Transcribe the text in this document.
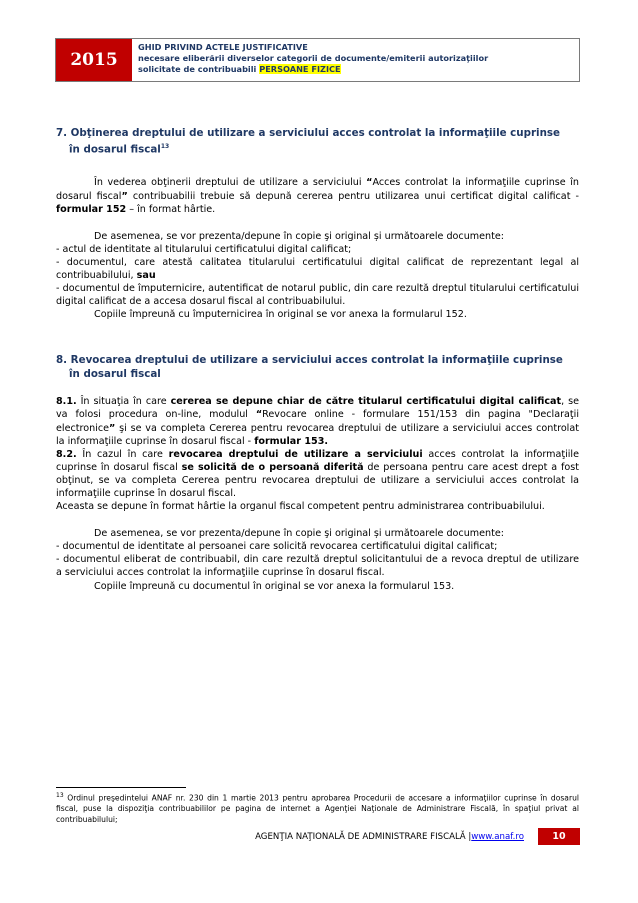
2015
GHID PRIVIND ACTELE JUSTIFICATIVE
necesare eliberării diverselor categorii de documente/emiterii autorizaţiilor
solicitate de contribuabili PERSOANE FIZICE
7. Obţinerea dreptului de utilizare a serviciului acces controlat la informaţiile cuprinse
în dosarul fiscal$^{13}$

În vederea obţinerii dreptului de utilizare a serviciului “Acces controlat la informaţiile cuprinse în dosarul fiscal” contribuabilii trebuie să depună cererea pentru utilizarea unui certificat digital calificat - formular 152 – în format hârtie.

De asemenea, se vor prezenta/depune în copie şi original și următoarele documente:

- actul de identitate al titularului certificatului digital calificat;

- documentul, care atestă calitatea titularului certificatului digital calificat de reprezentant legal al contribuabilului, sau

- documentul de împuternicire, autentificat de notarul public, din care rezultă dreptul titularului certificatului digital calificat de a accesa dosarul fiscal al contribuabilului.

Copiile împreună cu împuternicirea în original se vor anexa la formularul 152.

8. Revocarea dreptului de utilizare a serviciului acces controlat la informaţiile cuprinse
în dosarul fiscal

8.1. În situaţia în care cererea se depune chiar de către titularul certificatului digital calificat, se va folosi procedura on-line, modulul “Revocare online - formulare 151/153 din pagina "Declaraţii electronice” şi se va completa Cererea pentru revocarea dreptului de utilizare a serviciului acces controlat la informaţiile cuprinse în dosarul fiscal - formular 153.

8.2. În cazul în care revocarea dreptului de utilizare a serviciului acces controlat la informaţiile cuprinse în dosarul fiscal se solicită de o persoană diferită de persoana pentru care acest drept a fost obţinut, se va completa Cererea pentru revocarea dreptului de utilizare a serviciului acces controlat la informaţiile cuprinse în dosarul fiscal.

Aceasta se depune în format hârtie la organul fiscal competent pentru administrarea contribuabilului.

De asemenea, se vor prezenta/depune în copie şi original și următoarele documente:

- documentul de identitate al persoanei care solicită revocarea certificatului digital calificat;

- documentul eliberat de contribuabil, din care rezultă dreptul solicitantului de a revoca dreptul de utilizare a serviciului acces controlat la informaţiile cuprinse în dosarul fiscal.

Copiile împreună cu documentul în original se vor anexa la formularul 153.

$^{13}$ Ordinul preşedintelui ANAF nr. 230 din 1 martie 2013 pentru aprobarea Procedurii de accesare a informaţiilor cuprinse în dosarul fiscal, puse la dispoziţia contribuabililor pe pagina de internet a Agenţiei Naţionale de Administrare Fiscală, în spaţiul privat al contribuabilului;
AGENŢIA NAŢIONALĂ DE ADMINISTRARE FISCALĂ | www.anaf.ro	10
